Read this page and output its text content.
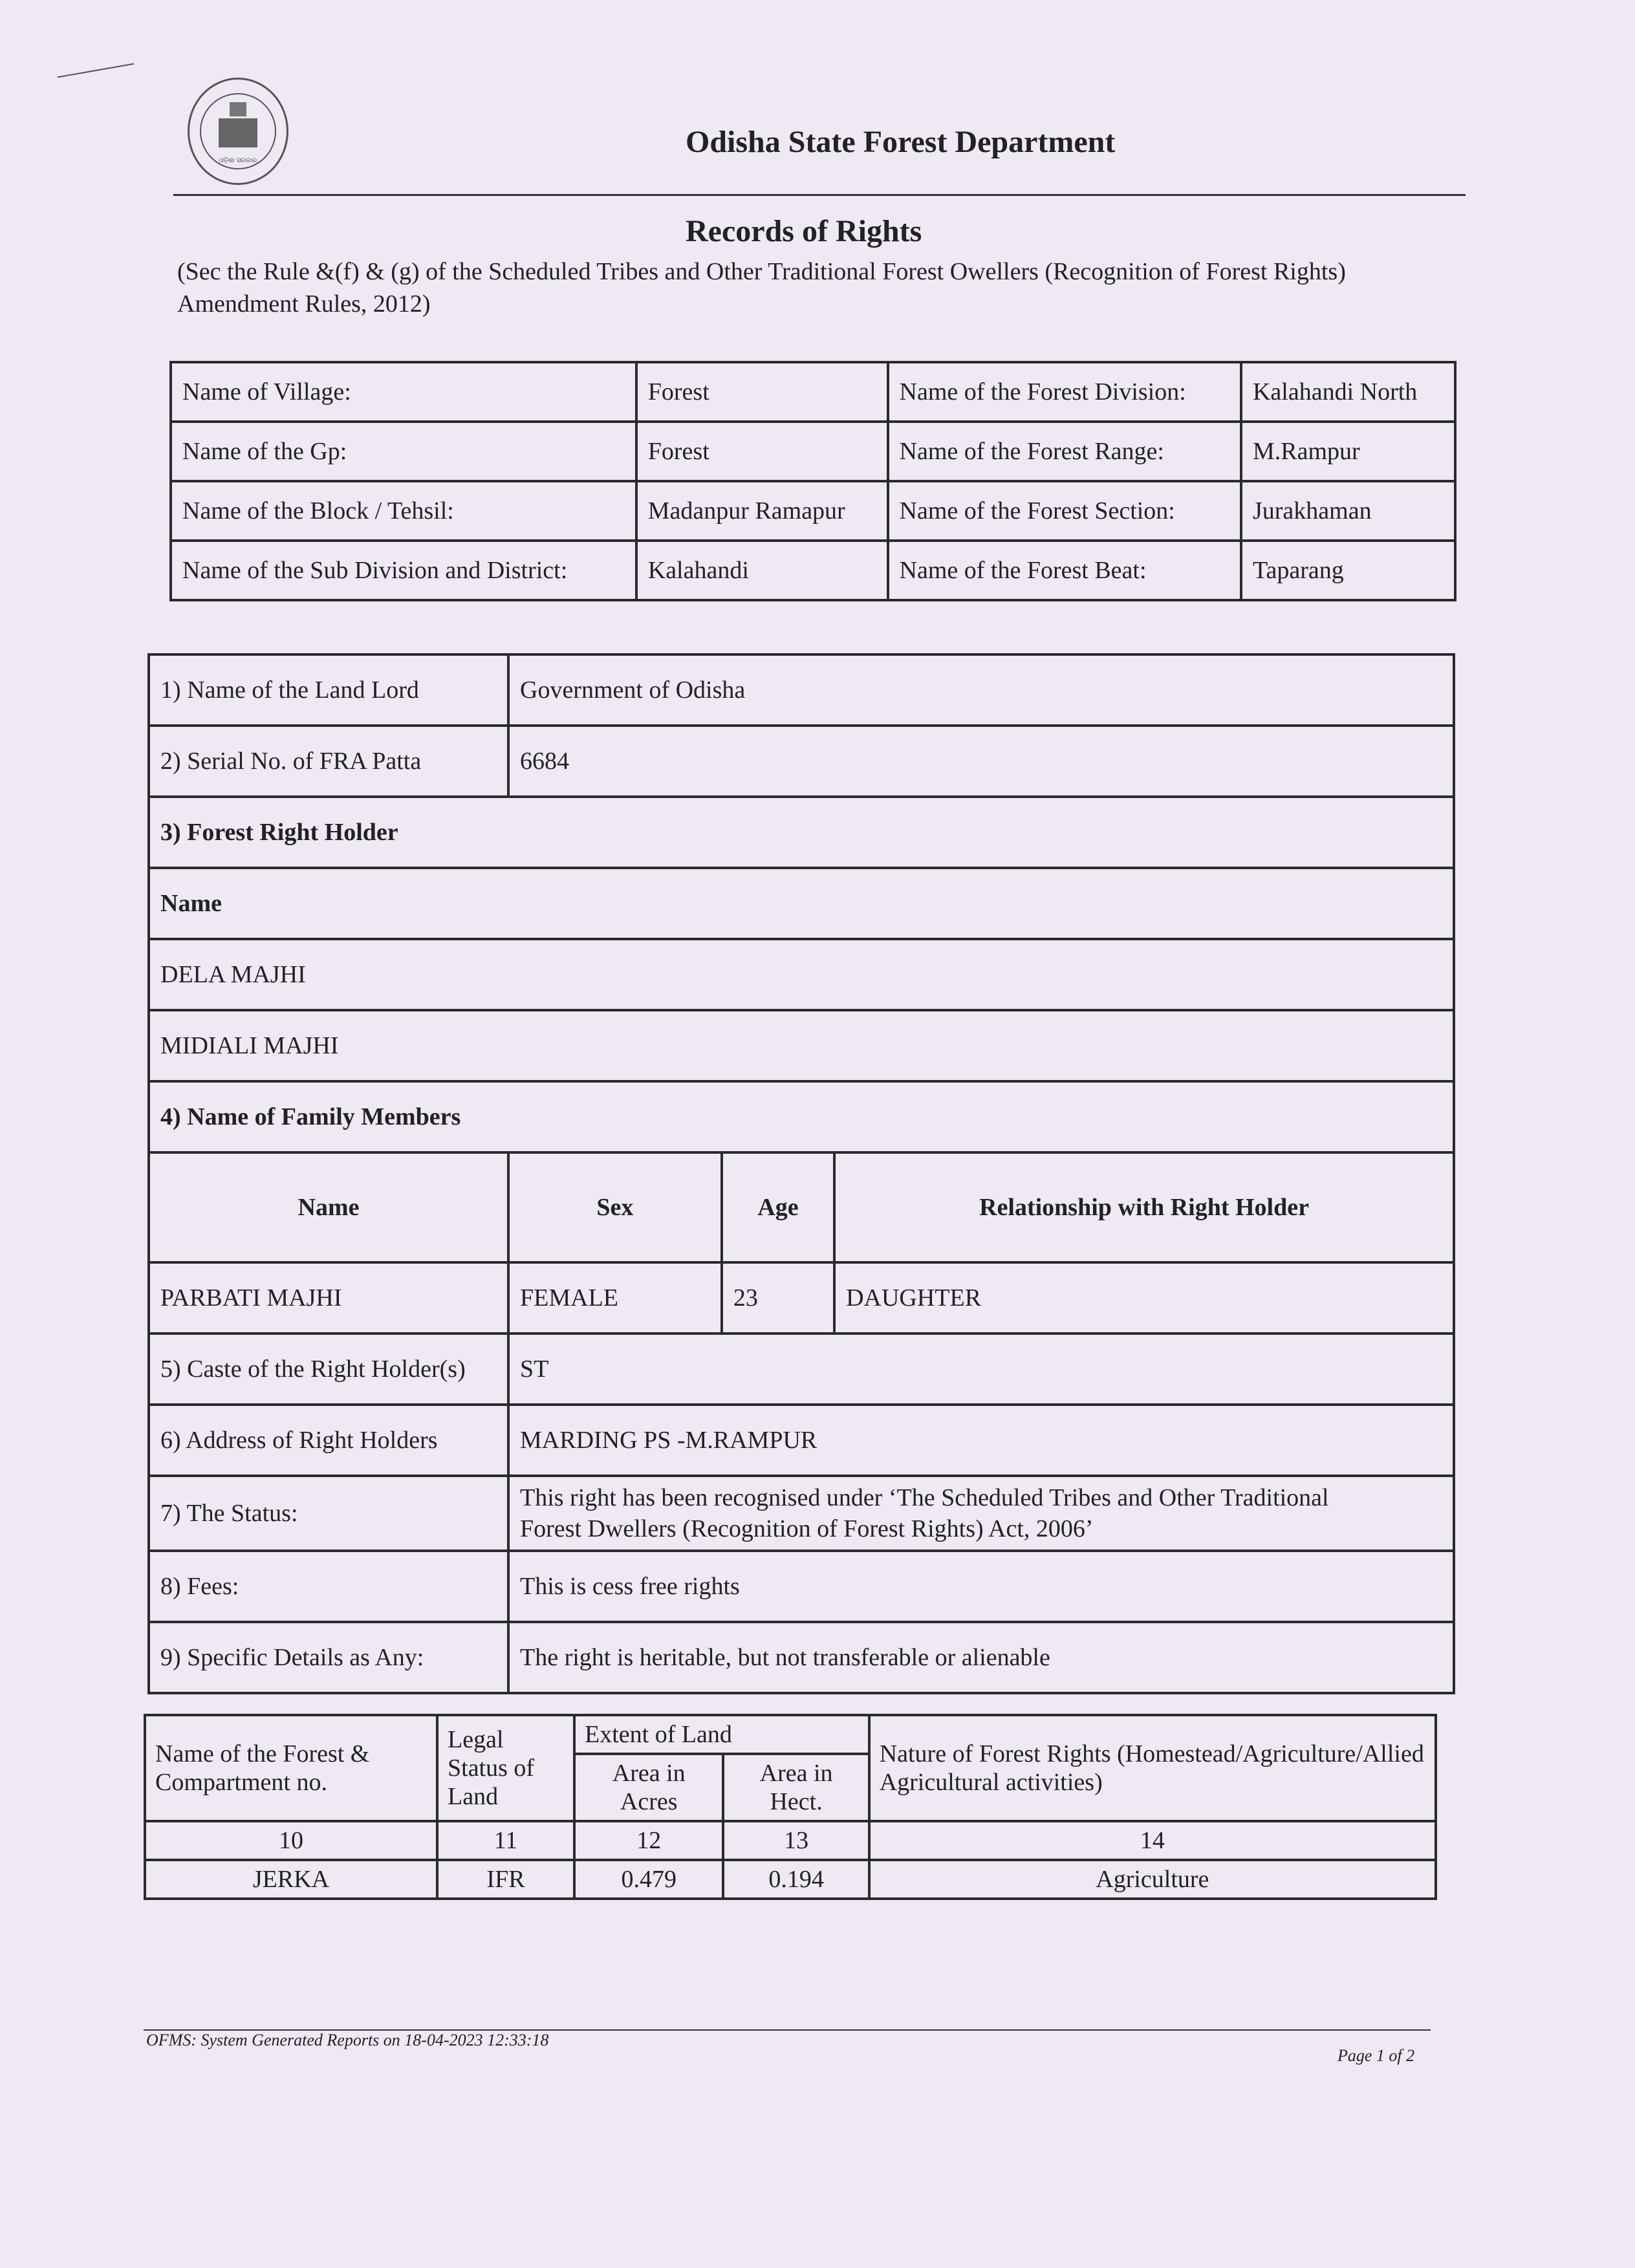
ଓଡ଼ିଶା ସରକାର
Odisha State Forest Department
Records of Rights
(Sec the Rule &(f) & (g) of the Scheduled Tribes and Other Traditional Forest Owellers (Recognition of Forest Rights) Amendment Rules, 2012)
Name of Village:	Forest	Name of the Forest Division:	Kalahandi North
Name of the Gp:	Forest	Name of the Forest Range:	M.Rampur
Name of the Block / Tehsil:	Madanpur Ramapur	Name of the Forest Section:	Jurakhaman
Name of the Sub Division and District:	Kalahandi	Name of the Forest Beat:	Taparang
1) Name of the Land Lord	Government of Odisha		
2) Serial No. of FRA Patta	6684		
3) Forest Right Holder			
Name			
DELA MAJHI			
MIDIALI MAJHI			
4) Name of Family Members			
Name	Sex	Age	Relationship with Right Holder
PARBATI MAJHI	FEMALE	23	DAUGHTER
5) Caste of the Right Holder(s)	ST		
6) Address of Right Holders	MARDING PS -M.RAMPUR		
7) The Status:	This right has been recognised under ‘The Scheduled Tribes and Other Traditional
Forest Dwellers (Recognition of Forest Rights) Act, 2006’		

8) Fees:	This is cess free rights		
9) Specific Details as Any:	The right is heritable, but not transferable or alienable		
Name of the Forest & Compartment no.	Legal Status of Land	Extent of Land		Nature of Forest Rights (Homestead/Agriculture/Allied Agricultural activities)
		Area in Acres	Area in Hect.	
10	11	12	13	14
JERKA	IFR	0.479	0.194	Agriculture
OFMS: System Generated Reports on 18-04-2023 12:33:18
Page 1 of 2
